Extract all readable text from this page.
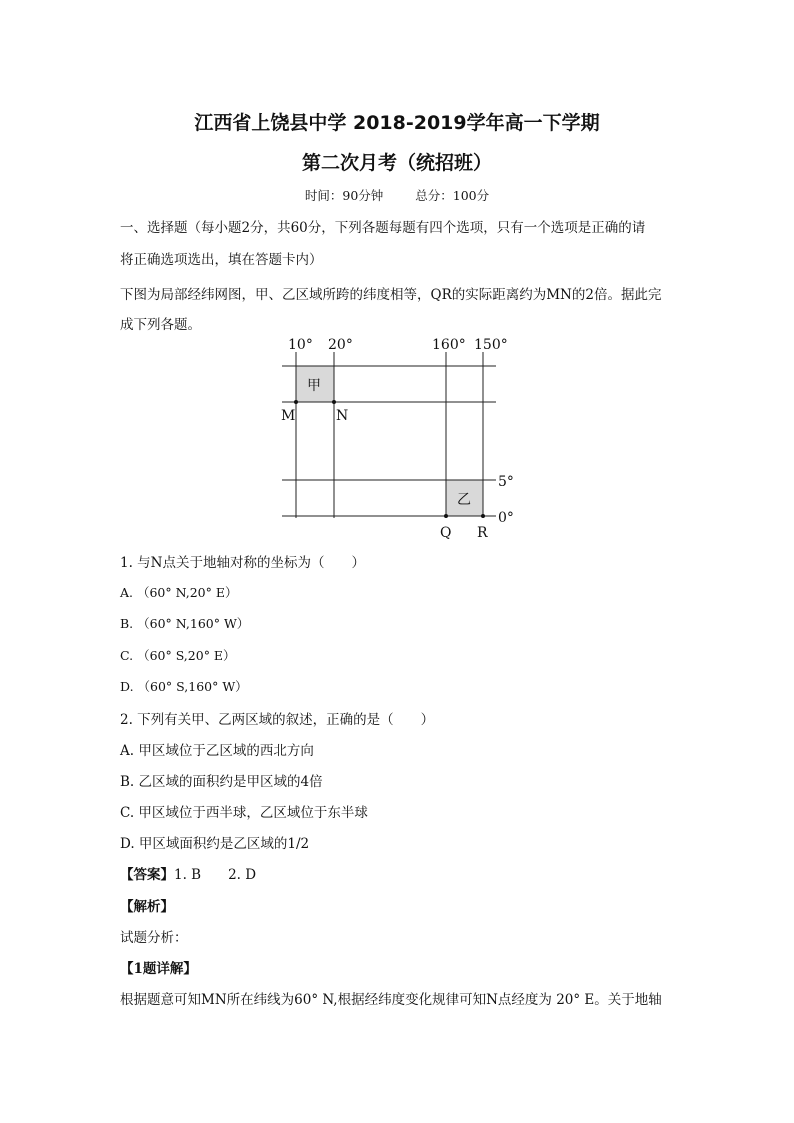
江西省上饶县中学 2018-2019学年高一下学期
第二次月考（统招班）
时间：90分钟	总分：100分
一、选择题（每小题2分，共60分，下列各题每题有四个选项，只有一个选项是正确的请
将正确选项选出，填在答题卡内）
下图为局部经纬网图，甲、乙区域所跨的纬度相等，QR的实际距离约为MN的2倍。据此完
成下列各题。
10° 20°	160° 150°
5°
0°
M	N
Q R
甲
乙
1. 与N点关于地轴对称的坐标为（　　）
A. （60° N,20° E）
B. （60° N,160° W）
C. （60° S,20° E）
D. （60° S,160° W）
2. 下列有关甲、乙两区域的叙述，正确的是（　　）
A. 甲区域位于乙区域的西北方向
B. 乙区域的面积约是甲区域的4倍
C. 甲区域位于西半球，乙区域位于东半球
D. 甲区域面积约是乙区域的1/2
【答案】1. B　　2. D
【解析】
试题分析：
【1题详解】
根据题意可知MN所在纬线为60° N,根据经纬度变化规律可知N点经度为 20° E。关于地轴
